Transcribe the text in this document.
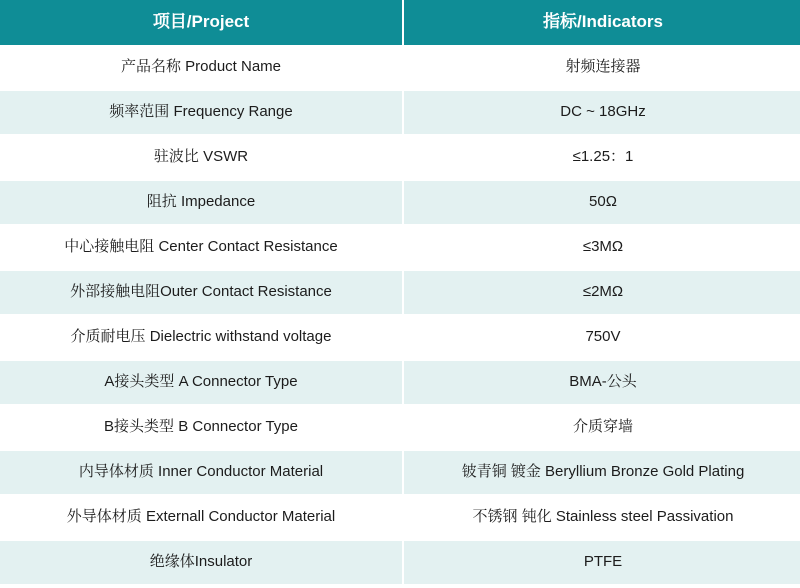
项目/Project	指标/Indicators
产品名称 Product Name	射频连接器
频率范围 Frequency Range	DC ~ 18GHz
驻波比 VSWR	≤1.25：1
阻抗 Impedance	50Ω
中心接触电阻 Center Contact Resistance	≤3MΩ
外部接触电阻Outer Contact Resistance	≤2MΩ
介质耐电压 Dielectric withstand voltage	750V
A接头类型 A Connector Type	BMA-公头
B接头类型 B Connector Type	介质穿墙
内导体材质 Inner Conductor Material	铍青铜 镀金 Beryllium Bronze Gold Plating
外导体材质 Externall Conductor Material	不锈钢 钝化 Stainless steel Passivation
绝缘体Insulator	PTFE
